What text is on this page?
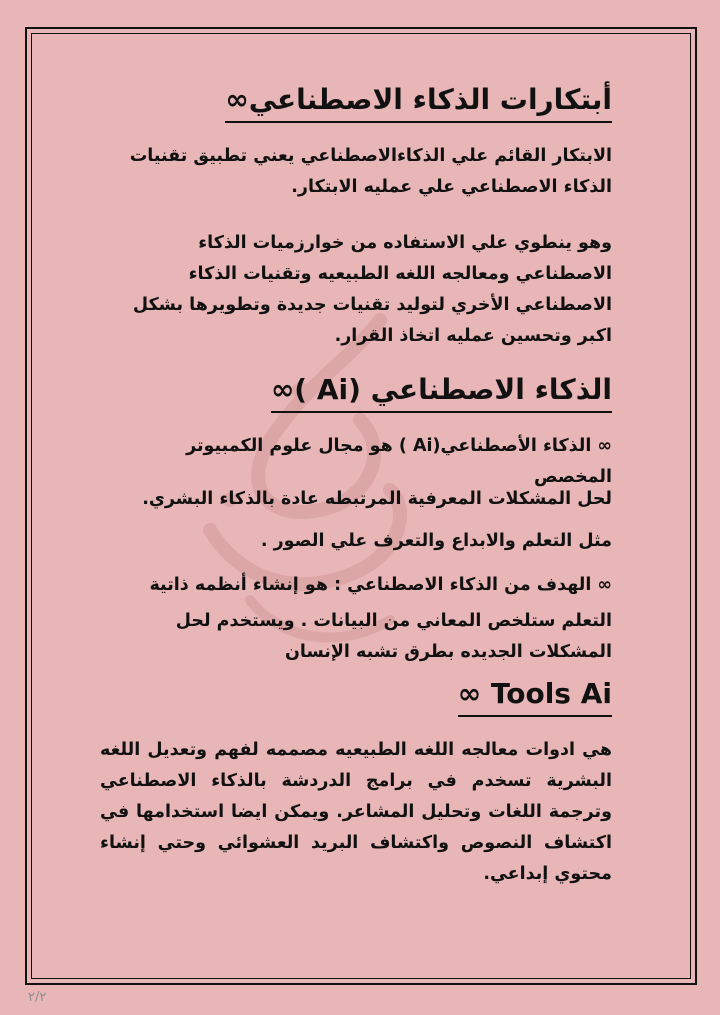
أبتكارات الذكاء الاصطناعي∞

الابتكار القائم علي الذكاءالاصطناعي يعني تطبيق تقنيات الذكاء الاصطناعي علي عمليه الابتكار.

وهو ينطوي علي الاستفاده من خوارزميات الذكاء الاصطناعي ومعالجه اللغه الطبيعيه وتقنيات الذكاء الاصطناعي الأخري لتوليد تقنيات جديدة وتطويرها بشكل اكبر وتحسين عمليه اتخاذ القرار.

الذكاء الاصطناعي (Ai )∞

∞ الذكاء الأصطناعي(Ai ) هو مجال علوم الكمبيوتر المخصص

لحل المشكلات المعرفية المرتبطه عادة بالذكاء البشري.

مثل التعلم والابداع والتعرف علي الصور .

∞ الهدف من الذكاء الاصطناعي : هو إنشاء أنظمه ذاتية

التعلم ستلخص المعاني من البيانات . ويستخدم لحل المشكلات الجديده بطرق تشبه الإنسان

∞ Tools Ai

هي ادوات معالجه اللغه الطبيعيه مصممه لفهم وتعديل اللغه البشرية تسخدم في برامج الدردشة بالذكاء الاصطناعي وترجمة اللغات وتحليل المشاعر. ويمكن ايضا استخدامها في اكتشاف النصوص واكتشاف البريد العشوائي وحتي إنشاء محتوي إبداعي.

٢/٢
